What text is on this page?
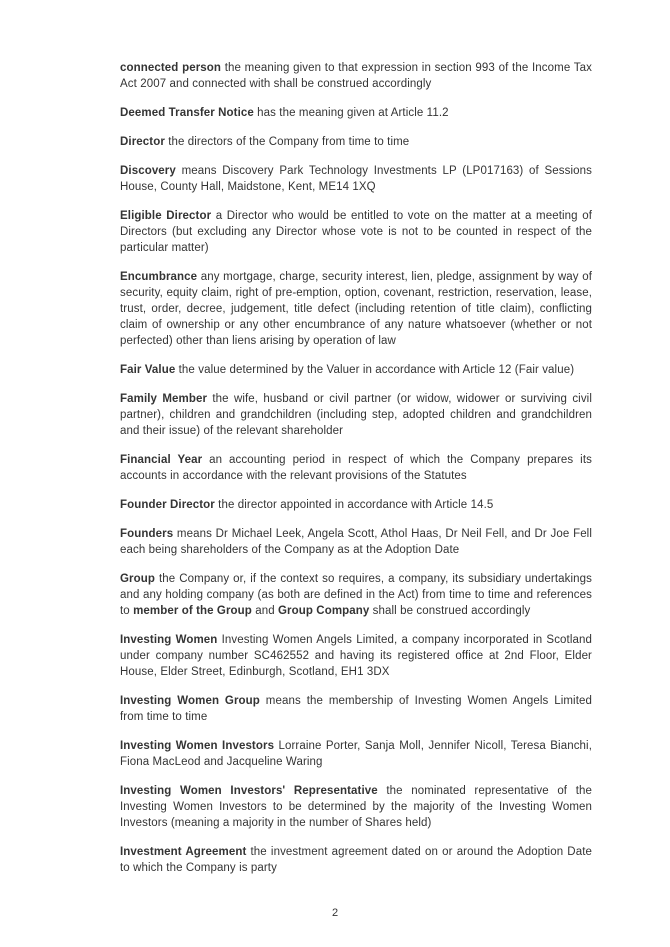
connected person the meaning given to that expression in section 993 of the Income Tax Act 2007 and connected with shall be construed accordingly

Deemed Transfer Notice has the meaning given at Article 11.2

Director the directors of the Company from time to time

Discovery means Discovery Park Technology Investments LP (LP017163) of Sessions House, County Hall, Maidstone, Kent, ME14 1XQ

Eligible Director a Director who would be entitled to vote on the matter at a meeting of Directors (but excluding any Director whose vote is not to be counted in respect of the particular matter)

Encumbrance any mortgage, charge, security interest, lien, pledge, assignment by way of security, equity claim, right of pre-emption, option, covenant, restriction, reservation, lease, trust, order, decree, judgement, title defect (including retention of title claim), conflicting claim of ownership or any other encumbrance of any nature whatsoever (whether or not perfected) other than liens arising by operation of law

Fair Value the value determined by the Valuer in accordance with Article 12 (Fair value)

Family Member the wife, husband or civil partner (or widow, widower or surviving civil partner), children and grandchildren (including step, adopted children and grandchildren and their issue) of the relevant shareholder

Financial Year an accounting period in respect of which the Company prepares its accounts in accordance with the relevant provisions of the Statutes

Founder Director the director appointed in accordance with Article 14.5

Founders means Dr Michael Leek, Angela Scott, Athol Haas, Dr Neil Fell, and Dr Joe Fell each being shareholders of the Company as at the Adoption Date

Group the Company or, if the context so requires, a company, its subsidiary undertakings and any holding company (as both are defined in the Act) from time to time and references to member of the Group and Group Company shall be construed accordingly

Investing Women Investing Women Angels Limited, a company incorporated in Scotland under company number SC462552 and having its registered office at 2nd Floor, Elder House, Elder Street, Edinburgh, Scotland, EH1 3DX

Investing Women Group means the membership of Investing Women Angels Limited from time to time

Investing Women Investors Lorraine Porter, Sanja Moll, Jennifer Nicoll, Teresa Bianchi, Fiona MacLeod and Jacqueline Waring

Investing Women Investors' Representative the nominated representative of the Investing Women Investors to be determined by the majority of the Investing Women Investors (meaning a majority in the number of Shares held)

Investment Agreement the investment agreement dated on or around the Adoption Date to which the Company is party

2
